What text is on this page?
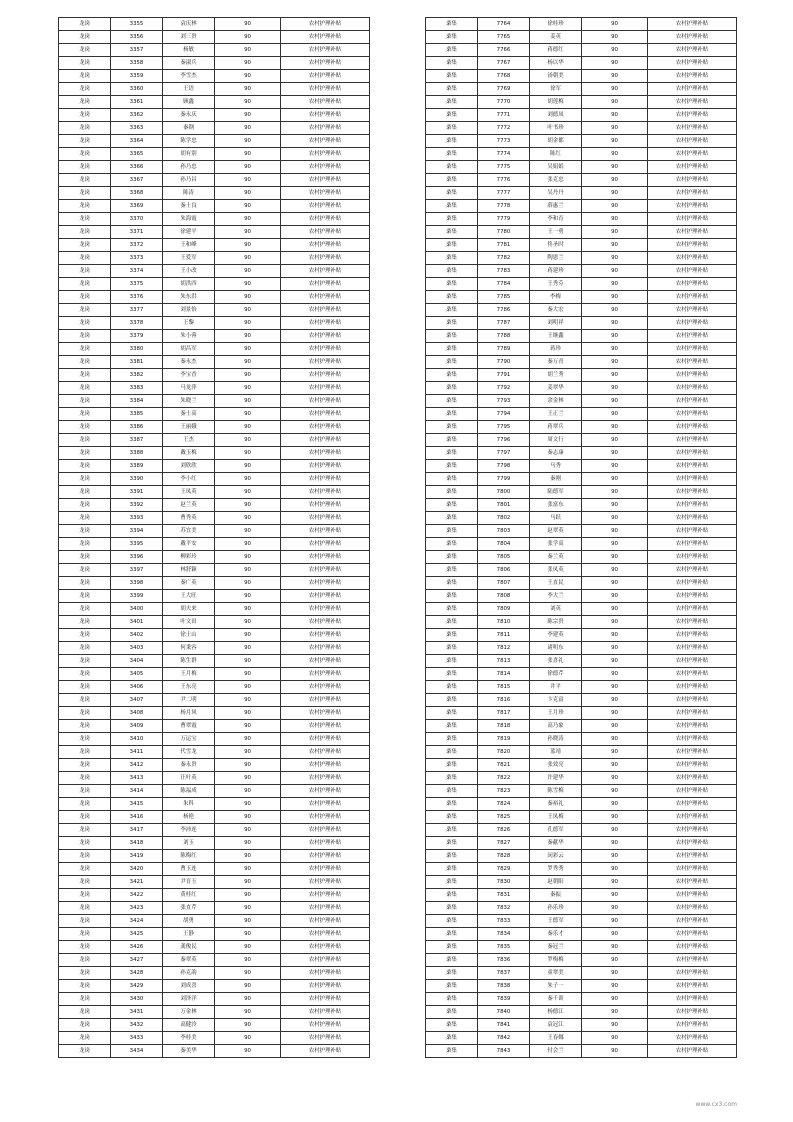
龙岗	3355	袁庆林	90	农村护理补贴
龙岗	3356	刘三贵	90	农村护理补贴
龙岗	3357	杨敏	90	农村护理补贴
龙岗	3358	秦淑兵	90	农村护理补贴
龙岗	3359	李雪杰	90	农村护理补贴
龙岗	3360	王语	90	农村护理补贴
龙岗	3361	顾鑫	90	农村护理补贴
龙岗	3362	秦永庆	90	农村护理补贴
龙岗	3363	秦钢	90	农村护理补贴
龙岗	3364	陈学忠	90	农村护理补贴
龙岗	3365	胡有别	90	农村护理补贴
龙岗	3366	孙乃忠	90	农村护理补贴
龙岗	3367	孙乃昌	90	农村护理补贴
龙岗	3368	陈涛	90	农村护理补贴
龙岗	3369	秦士良	90	农村护理补贴
龙岗	3370	朱海霞	90	农村护理补贴
龙岗	3371	徐建平	90	农村护理补贴
龙岗	3372	王和峰	90	农村护理补贴
龙岗	3373	王爱军	90	农村护理补贴
龙岗	3374	王小改	90	农村护理补贴
龙岗	3375	胡洪四	90	农村护理补贴
龙岗	3376	朱东洪	90	农村护理补贴
龙岗	3377	刘景怡	90	农村护理补贴
龙岗	3378	王黎	90	农村护理补贴
龙岗	3379	朱小蓉	90	农村护理补贴
龙岗	3380	胡昌军	90	农村护理补贴
龙岗	3381	秦永杰	90	农村护理补贴
龙岗	3382	李宝香	90	农村护理补贴
龙岗	3383	马龙萍	90	农村护理补贴
龙岗	3384	朱晓兰	90	农村护理补贴
龙岗	3385	秦士高	90	农村护理补贴
龙岗	3386	王丽娥	90	农村护理补贴
龙岗	3387	王杰	90	农村护理补贴
龙岗	3388	戴玉梅	90	农村护理补贴
龙岗	3389	刘欣欣	90	农村护理补贴
龙岗	3390	李小红	90	农村护理补贴
龙岗	3391	王凤英	90	农村护理补贴
龙岗	3392	赵兰英	90	农村护理补贴
龙岗	3393	曹秀英	90	农村护理补贴
龙岗	3394	苏宜美	90	农村护理补贴
龙岗	3395	戴平安	90	农村护理补贴
龙岗	3396	柳彩玲	90	农村护理补贴
龙岗	3397	林舒颖	90	农村护理补贴
龙岗	3398	秦广英	90	农村护理补贴
龙岗	3399	王大旺	90	农村护理补贴
龙岗	3400	胡夫来	90	农村护理补贴
龙岗	3401	叶文田	90	农村护理补贴
龙岗	3402	徐士山	90	农村护理补贴
龙岗	3403	何秉容	90	农村护理补贴
龙岗	3404	陈生群	90	农村护理补贴
龙岗	3405	王月梅	90	农村护理补贴
龙岗	3406	王东亮	90	农村护理补贴
龙岗	3407	尹二明	90	农村护理补贴
龙岗	3408	杨月风	90	农村护理补贴
龙岗	3409	曹翠霞	90	农村护理补贴
龙岗	3410	万运宝	90	农村护理补贴
龙岗	3411	代雪龙	90	农村护理补贴
龙岗	3412	秦永贵	90	农村护理补贴
龙岗	3413	汪叶英	90	农村护理补贴
龙岗	3414	陈福成	90	农村护理补贴
龙岗	3415	朱科	90	农村护理补贴
龙岗	3416	杨艳	90	农村护理补贴
龙岗	3417	李沛连	90	农村护理补贴
龙岗	3418	刘玉	90	农村护理补贴
龙岗	3419	陈梅红	90	农村护理补贴
龙岗	3420	曹玉连	90	农村护理补贴
龙岗	3421	尹育玉	90	农村护理补贴
龙岗	3422	黄桂红	90	农村护理补贴
龙岗	3423	张直芹	90	农村护理补贴
龙岗	3424	胡勇	90	农村护理补贴
龙岗	3425	王静	90	农村护理补贴
龙岗	3426	龚俊民	90	农村护理补贴
龙岗	3427	秦翠英	90	农村护理补贴
龙岗	3428	孙克韵	90	农村护理补贴
龙岗	3429	刘成喜	90	农村护理补贴
龙岗	3430	刘泽洋	90	农村护理补贴
龙岗	3431	万金林	90	农村护理补贴
龙岗	3432	高健泠	90	农村护理补贴
龙岗	3433	李桂美	90	农村护理补贴
龙岗	3434	秦美华	90	农村护理补贴
桑集	7764	徐桂珍	90	农村护理补贴
桑集	7765	姜英	90	农村护理补贴
桑集	7766	蒋德红	90	农村护理补贴
桑集	7767	杨以华	90	农村护理补贴
桑集	7768	汤朝美	90	农村护理补贴
桑集	7769	徐军	90	农村护理补贴
桑集	7770	胡莲梅	90	农村护理补贴
桑集	7771	刘德凤	90	农村护理补贴
桑集	7772	叶书珍	90	农村护理补贴
桑集	7773	胡金都	90	农村护理补贴
桑集	7774	陈红	90	农村护理补贴
桑集	7775	吴娟娟	90	农村护理补贴
桑集	7776	张克忠	90	农村护理补贴
桑集	7777	吴丹丹	90	农村护理补贴
桑集	7778	薛惠兰	90	农村护理补贴
桑集	7779	李和育	90	农村护理补贴
桑集	7780	王一勇	90	农村护理补贴
桑集	7781	佟圣时	90	农村护理补贴
桑集	7782	陶恩兰	90	农村护理补贴
桑集	7783	蒋建珍	90	农村护理补贴
桑集	7784	王秀芬	90	农村护理补贴
桑集	7785	李梅	90	农村护理补贴
桑集	7786	秦大宏	90	农村护理补贴
桑集	7787	刘明祥	90	农村护理补贴
桑集	7788	王继鑫	90	农村护理补贴
桑集	7789	蒋珍	90	农村护理补贴
桑集	7790	秦万青	90	农村护理补贴
桑集	7791	胡兰秀	90	农村护理补贴
桑集	7792	姜翠华	90	农村护理补贴
桑集	7793	余金林	90	农村护理补贴
桑集	7794	王正兰	90	农村护理补贴
桑集	7795	蒋翠兵	90	农村护理补贴
桑集	7796	周文行	90	农村护理补贴
桑集	7797	秦志康	90	农村护理补贴
桑集	7798	马秀	90	农村护理补贴
桑集	7799	秦刚	90	农村护理补贴
桑集	7800	陆德军	90	农村护理补贴
桑集	7801	张富东	90	农村护理补贴
桑集	7802	马跃	90	农村护理补贴
桑集	7803	赵翠英	90	农村护理补贴
桑集	7804	张学高	90	农村护理补贴
桑集	7805	秦兰英	90	农村护理补贴
桑集	7806	张凤英	90	农村护理补贴
桑集	7807	王直民	90	农村护理补贴
桑集	7808	李大兰	90	农村护理补贴
桑集	7809	刘英	90	农村护理补贴
桑集	7810	陈宗贵	90	农村护理补贴
桑集	7811	李建英	90	农村护理补贴
桑集	7812	诸明东	90	农村护理补贴
桑集	7813	张喜礼	90	农村护理补贴
桑集	7814	徐德芹	90	农村护理补贴
桑集	7815	井平	90	农村护理补贴
桑集	7816	卞克富	90	农村护理补贴
桑集	7817	王月珍	90	农村护理补贴
桑集	7818	高乃象	90	农村护理补贴
桑集	7819	孙晓涛	90	农村护理补贴
桑集	7820	蓝靖	90	农村护理补贴
桑集	7821	张效亮	90	农村护理补贴
桑集	7822	许建华	90	农村护理补贴
桑集	7823	陈雪梅	90	农村护理补贴
桑集	7824	秦裕礼	90	农村护理补贴
桑集	7825	王凤梅	90	农村护理补贴
桑集	7826	孔德军	90	农村护理补贴
桑集	7827	秦献华	90	农村护理补贴
桑集	7828	闵彩云	90	农村护理补贴
桑集	7829	罗秀秀	90	农村护理补贴
桑集	7830	赵朝阳	90	农村护理补贴
桑集	7831	秦振	90	农村护理补贴
桑集	7832	孙乐珍	90	农村护理补贴
桑集	7833	王德军	90	农村护理补贴
桑集	7834	秦乐才	90	农村护理补贴
桑集	7835	秦冠兰	90	农村护理补贴
桑集	7836	罗梅梅	90	农村护理补贴
桑集	7837	童翠美	90	农村护理补贴
桑集	7838	朱子一	90	农村护理补贴
桑集	7839	秦千训	90	农村护理补贴
桑集	7840	杨德江	90	农村护理补贴
桑集	7841	袁冠江	90	农村护理补贴
桑集	7842	王春娜	90	农村护理补贴
桑集	7843	付会兰	90	农村护理补贴
www.cx3.com
